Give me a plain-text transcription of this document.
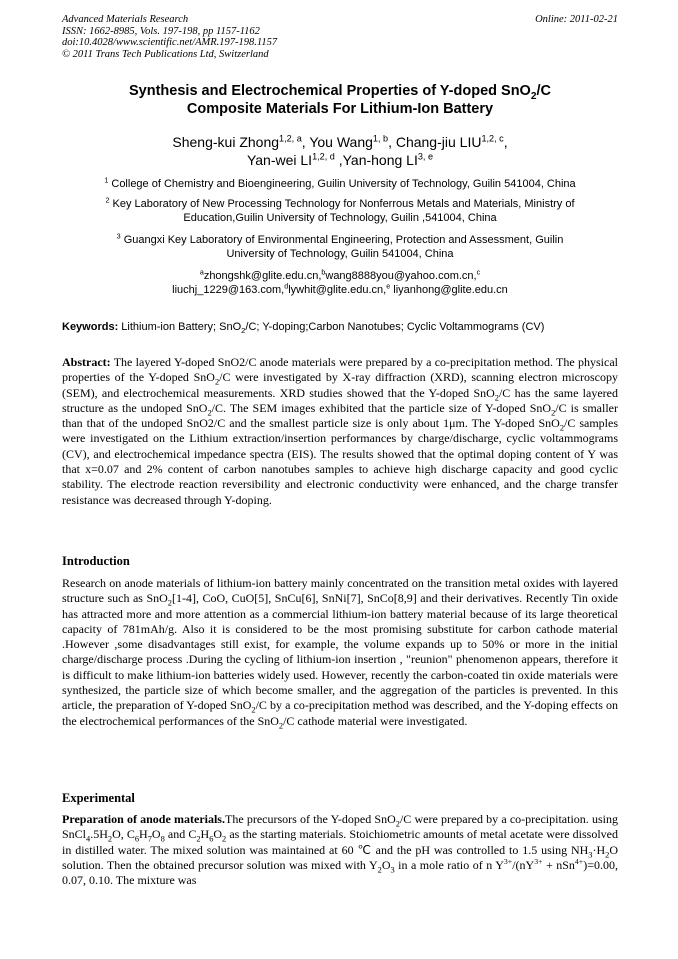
Advanced Materials Research
ISSN: 1662-8985, Vols. 197-198, pp 1157-1162
doi:10.4028/www.scientific.net/AMR.197-198.1157
© 2011 Trans Tech Publications Ltd, Switzerland
Online: 2011-02-21
Synthesis and Electrochemical Properties of Y-doped SnO$_2$/C
Composite Materials For Lithium-Ion Battery
Sheng-kui Zhong$^{1,2, a}$, You Wang$^{1, b}$, Chang-jiu LIU$^{1,2, c}$,
Yan-wei LI$^{1,2, d}$ ,Yan-hong LI$^{3, e}$
$^1$ College of Chemistry and Bioengineering, Guilin University of Technology, Guilin 541004, China
$^2$ Key Laboratory of New Processing Technology for Nonferrous Metals and Materials, Ministry of
Education,Guilin University of Technology, Guilin ,541004, China
$^3$ Guangxi Key Laboratory of Environmental Engineering, Protection and Assessment, Guilin
University of Technology, Guilin 541004, China
$^a$zhongshk@glite.edu.cn,$^b$wang8888you@yahoo.com.cn,$^c$
liuchj_1229@163.com,$^d$lywhit@glite.edu.cn,$^e$ liyanhong@glite.edu.cn
Keywords: Lithium-ion Battery; SnO$_2$/C; Y-doping;Carbon Nanotubes; Cyclic Voltammograms (CV)
Abstract: The layered Y-doped SnO2/C anode materials were prepared by a co-precipitation method. The physical properties of the Y-doped SnO$_2$/C were investigated by X-ray diffraction (XRD), scanning electron microscopy (SEM), and electrochemical measurements. XRD studies showed that the Y-doped SnO$_2$/C has the same layered structure as the undoped SnO$_2$/C. The SEM images exhibited that the particle size of Y-doped SnO$_2$/C is smaller than that of the undoped SnO2/C and the smallest particle size is only about 1μm. The Y-doped SnO$_2$/C samples were investigated on the Lithium extraction/insertion performances by charge/discharge, cyclic voltammograms (CV), and electrochemical impedance spectra (EIS). The results showed that the optimal doping content of Y was that x=0.07 and 2% content of carbon nanotubes samples to achieve high discharge capacity and good cyclic stability. The electrode reaction reversibility and electronic conductivity were enhanced, and the charge transfer resistance was decreased through Y-doping.
Introduction
Research on anode materials of lithium-ion battery mainly concentrated on the transition metal oxides with layered structure such as SnO$_2$[1-4], CoO, CuO[5], SnCu[6], SnNi[7], SnCo[8,9] and their derivatives. Recently Tin oxide has attracted more and more attention as a commercial lithium-ion battery material because of its large theoretical capacity of 781mAh/g. Also it is considered to be the most promising substitute for carbon cathode material .However ,some disadvantages still exist, for example, the volume expands up to 50% or more in the initial charge/discharge process .During the cycling of lithium-ion insertion , "reunion" phenomenon appears, therefore it is difficult to make lithium-ion batteries widely used. However, recently the carbon-coated tin oxide materials were synthesized, the particle size of which become smaller, and the aggregation of the particles is prevented. In this article, the preparation of Y-doped SnO$_2$/C by a co-precipitation method was described, and the Y-doping effects on the electrochemical performances of the SnO$_2$/C cathode material were investigated.
Experimental
Preparation of anode materials.The precursors of the Y-doped SnO$_2$/C were prepared by a co-precipitation. using $SnCl_4.5H_2O$, $C_6H_7O_8$ and $C_2H_6O_2$ as the starting materials. Stoichiometric amounts of metal acetate were dissolved in distilled water. The mixed solution was maintained at 60 ℃ and the pH was controlled to 1.5 using $NH_3\cdot H_2O$ solution. Then the obtained precursor solution was mixed with $Y_2O_3$ in a mole ratio of n $Y^{3+}/(nY^{3+} + nSn^{4+})=0.00$, 0.07, 0.10. The mixture was
